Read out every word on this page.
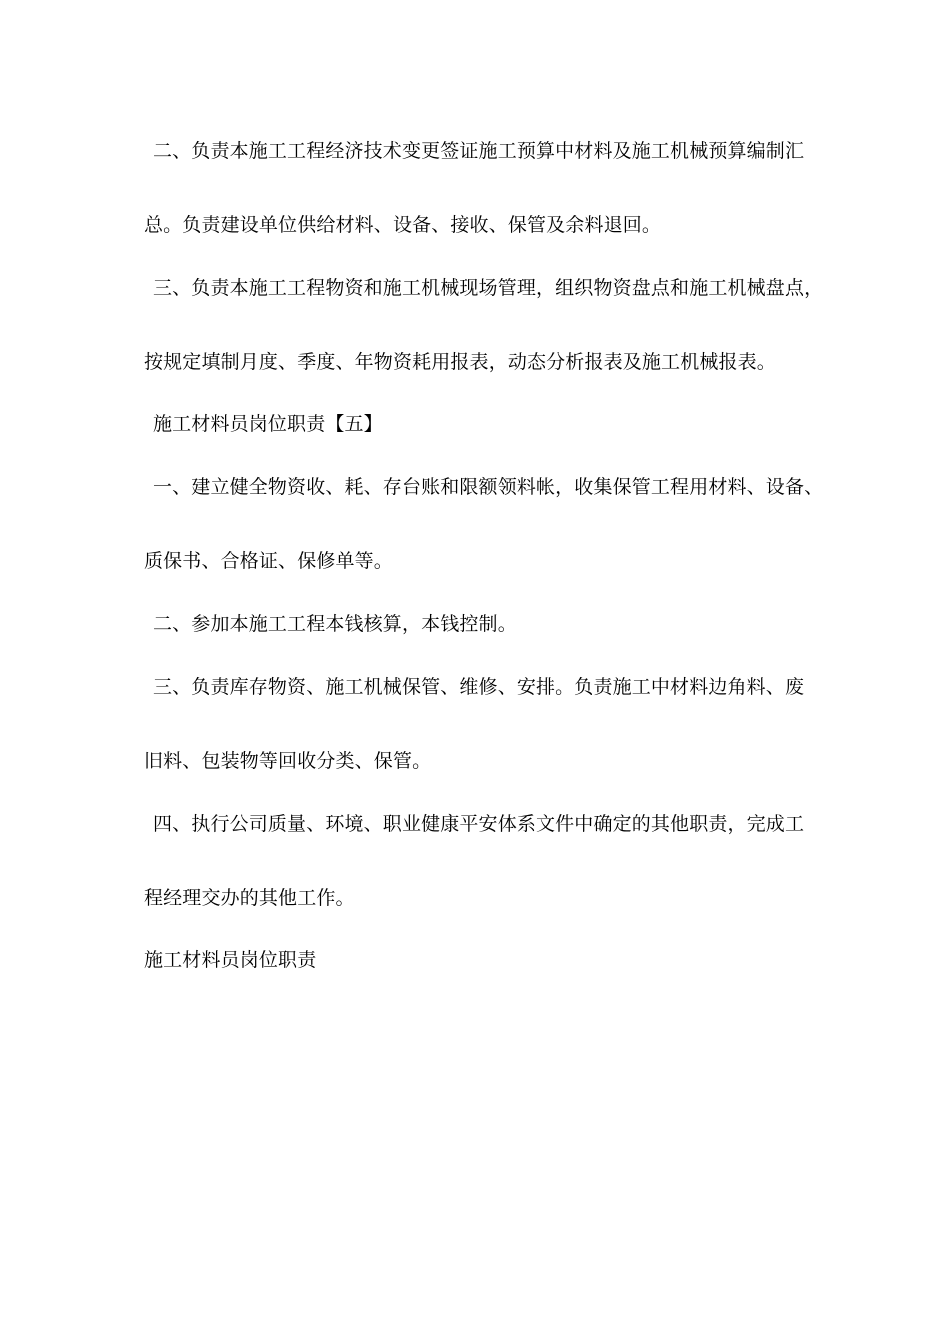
二、负责本施工工程经济技术变更签证施工预算中材料及施工机械预算编制汇
总。负责建设单位供给材料、设备、接收、保管及余料退回。
三、负责本施工工程物资和施工机械现场管理，组织物资盘点和施工机械盘点，
按规定填制月度、季度、年物资耗用报表，动态分析报表及施工机械报表。
施工材料员岗位职责【五】
一、建立健全物资收、耗、存台账和限额领料帐，收集保管工程用材料、设备、
质保书、合格证、保修单等。
二、参加本施工工程本钱核算，本钱控制。
三、负责库存物资、施工机械保管、维修、安排。负责施工中材料边角料、废
旧料、包装物等回收分类、保管。
四、执行公司质量、环境、职业健康平安体系文件中确定的其他职责，完成工
程经理交办的其他工作。
施工材料员岗位职责
